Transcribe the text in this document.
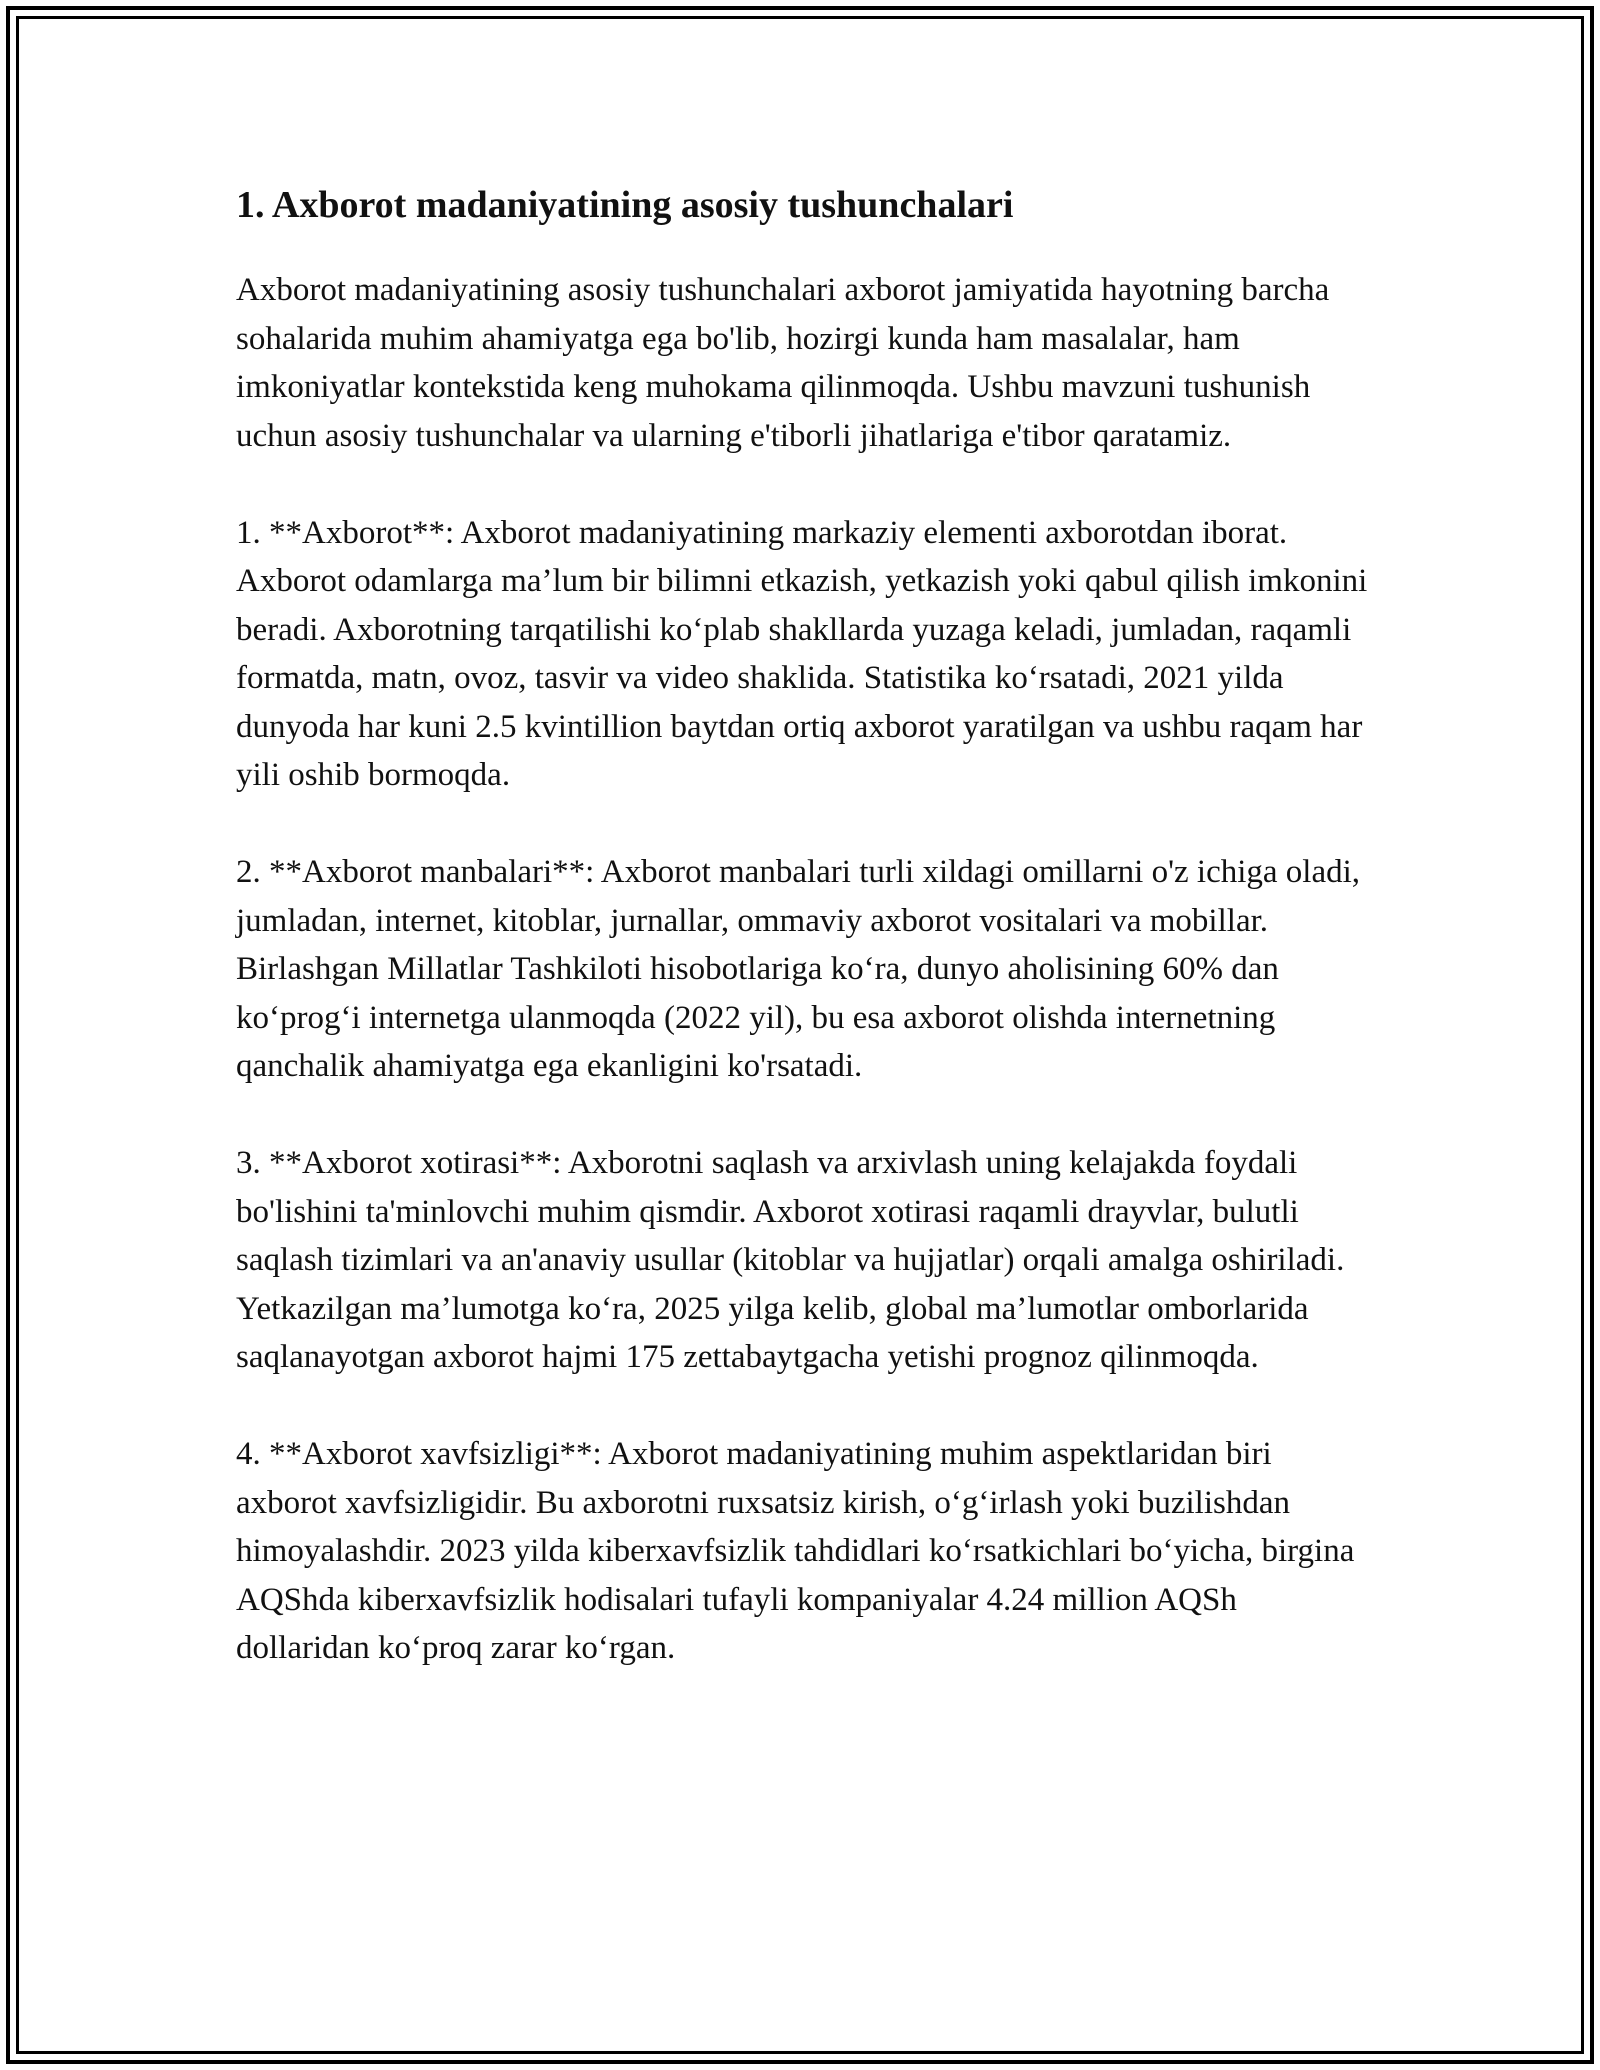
1. Axborot madaniyatining asosiy tushunchalari

Axborot madaniyatining asosiy tushunchalari axborot jamiyatida hayotning barcha sohalarida muhim ahamiyatga ega bo'lib, hozirgi kunda ham masalalar, ham imkoniyatlar kontekstida keng muhokama qilinmoqda. Ushbu mavzuni tushunish uchun asosiy tushunchalar va ularning e'tiborli jihatlariga e'tibor qaratamiz.

1. **Axborot**: Axborot madaniyatining markaziy elementi axborotdan iborat. Axborot odamlarga ma’lum bir bilimni etkazish, yetkazish yoki qabul qilish imkonini beradi. Axborotning tarqatilishi ko‘plab shakllarda yuzaga keladi, jumladan, raqamli formatda, matn, ovoz, tasvir va video shaklida. Statistika ko‘rsatadi, 2021 yilda dunyoda har kuni 2.5 kvintillion baytdan ortiq axborot yaratilgan va ushbu raqam har yili oshib bormoqda.

2. **Axborot manbalari**: Axborot manbalari turli xildagi omillarni o'z ichiga oladi, jumladan, internet, kitoblar, jurnallar, ommaviy axborot vositalari va mobillar. Birlashgan Millatlar Tashkiloti hisobotlariga ko‘ra, dunyo aholisining 60% dan ko‘prog‘i internetga ulanmoqda (2022 yil), bu esa axborot olishda internetning qanchalik ahamiyatga ega ekanligini ko'rsatadi.

3. **Axborot xotirasi**: Axborotni saqlash va arxivlash uning kelajakda foydali bo'lishini ta'minlovchi muhim qismdir. Axborot xotirasi raqamli drayvlar, bulutli saqlash tizimlari va an'anaviy usullar (kitoblar va hujjatlar) orqali amalga oshiriladi. Yetkazilgan ma’lumotga ko‘ra, 2025 yilga kelib, global ma’lumotlar omborlarida saqlanayotgan axborot hajmi 175 zettabaytgacha yetishi prognoz qilinmoqda.

4. **Axborot xavfsizligi**: Axborot madaniyatining muhim aspektlaridan biri axborot xavfsizligidir. Bu axborotni ruxsatsiz kirish, o‘g‘irlash yoki buzilishdan himoyalashdir. 2023 yilda kiberxavfsizlik tahdidlari ko‘rsatkichlari bo‘yicha, birgina AQShda kiberxavfsizlik hodisalari tufayli kompaniyalar 4.24 million AQSh dollaridan ko‘proq zarar ko‘rgan.
